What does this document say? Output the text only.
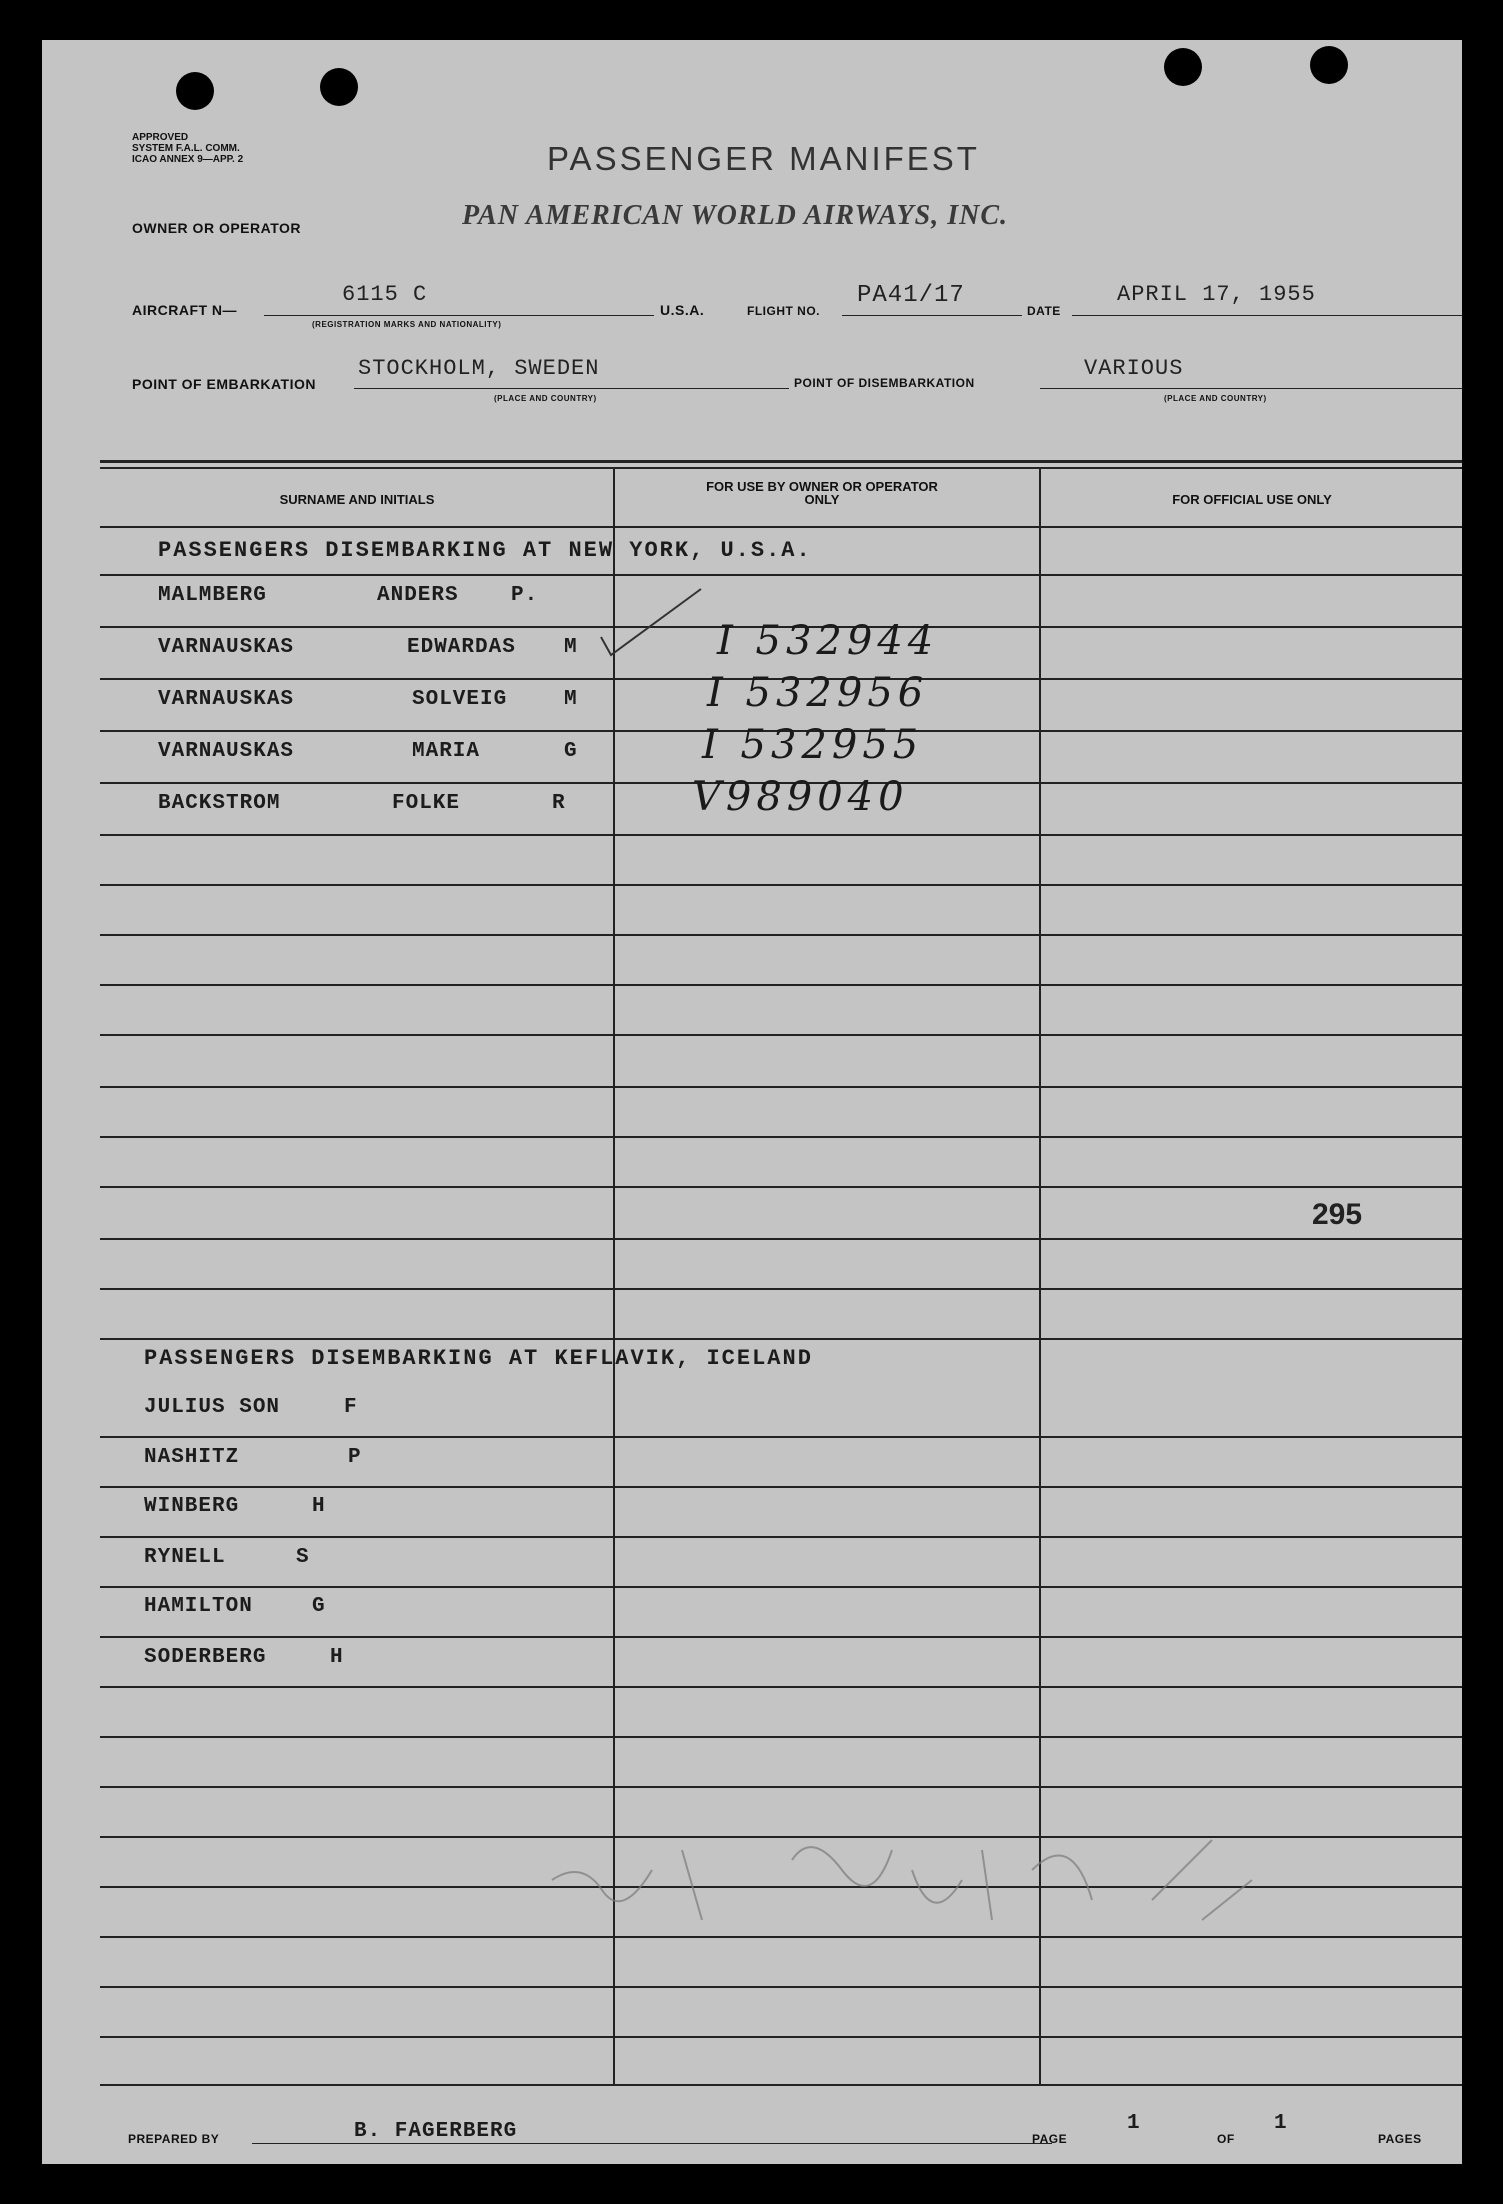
APPROVED
SYSTEM F.A.L. COMM.
ICAO ANNEX 9—APP. 2	PASSENGER MANIFEST
OWNER OR OPERATOR	PAN AMERICAN WORLD AIRWAYS, INC.
AIRCRAFT N—
6115 C
(REGISTRATION MARKS AND NATIONALITY)
U.S.A.	FLIGHT NO.
PA41/17
DATE
APRIL 17, 1955
POINT OF EMBARKATION
STOCKHOLM, SWEDEN
(PLACE AND COUNTRY)
POINT OF DISEMBARKATION
VARIOUS
(PLACE AND COUNTRY)
SURNAME AND INITIALS
FOR USE BY OWNER OR OPERATOR ONLY	FOR OFFICIAL USE ONLY
PASSENGERS DISEMBARKING AT NEW YORK, U.S.A.
MALMBERG	ANDERS P.
VARNAUSKAS	EDWARDAS M	I 532944
VARNAUSKAS	SOLVEIG	M	I 532956
VARNAUSKAS	MARIA	G	I 532955
BACKSTROM	FOLKE	R	V989040
295
PASSENGERS DISEMBARKING AT KEFLAVIK, ICELAND
JULIUS SON	F
NASHITZ	P
WINBERG	H
RYNELL	S
HAMILTON	G
SODERBERG	H
PREPARED BY	B. FAGERBERG	PAGE
1
OF
1
PAGES
